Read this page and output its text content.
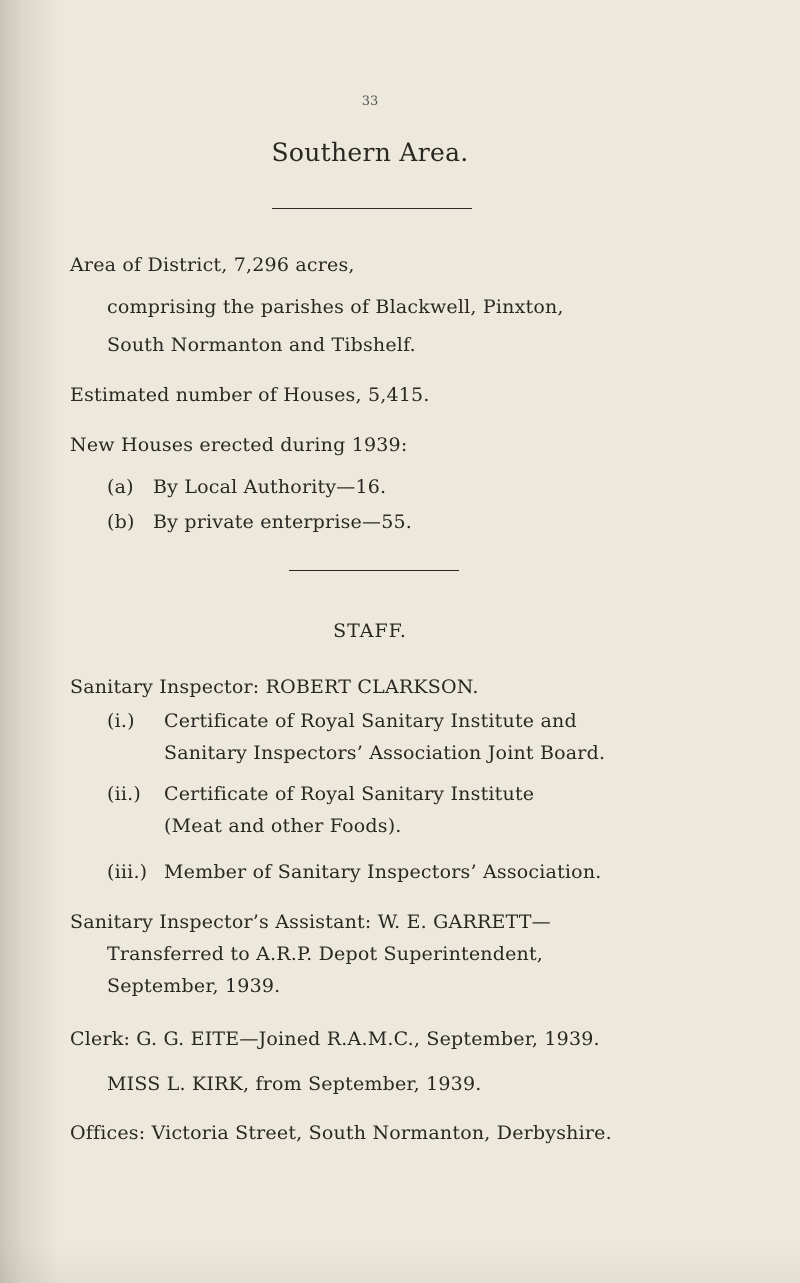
33
Southern Area.
Area of District, 7,296 acres,
comprising the parishes of Blackwell, Pinxton,
South Normanton and Tibshelf.
Estimated number of Houses, 5,415.
New Houses erected during 1939:
(a) By Local Authority—16.
(b) By private enterprise—55.
STAFF.
Sanitary Inspector: ROBERT CLARKSON.
(i.) Certificate of Royal Sanitary Institute and
Sanitary Inspectors’ Association Joint Board.
(ii.) Certificate of Royal Sanitary Institute
(Meat and other Foods).
(iii.) Member of Sanitary Inspectors’ Association.
Sanitary Inspector’s Assistant: W. E. GARRETT—
Transferred to A.R.P. Depot Superintendent,
September, 1939.
Clerk: G. G. EITE—Joined R.A.M.C., September, 1939.
MISS L. KIRK, from September, 1939.
Offices: Victoria Street, South Normanton, Derbyshire.
